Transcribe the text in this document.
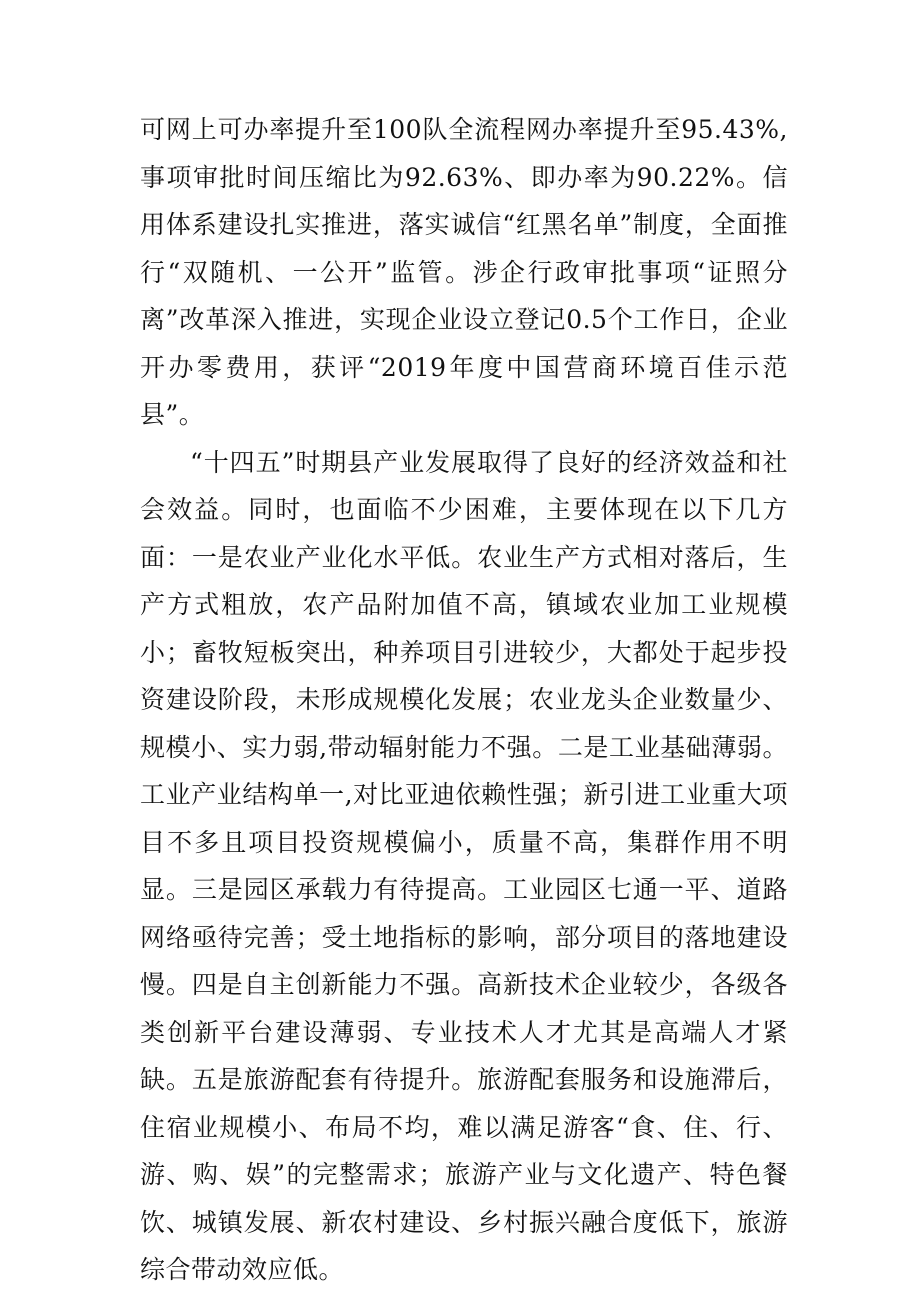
可网上可办率提升至100队全流程网办率提升至95.43%,事项审批时间压缩比为92.63%、即办率为90.22%。信用体系建设扎实推进，落实诚信“红黑名单”制度，全面推行“双随机、一公开”监管。涉企行政审批事项“证照分离”改革深入推进，实现企业设立登记0.5个工作日，企业开办零费用，获评“2019年度中国营商环境百佳示范县”。

“十四五”时期县产业发展取得了良好的经济效益和社会效益。同时，也面临不少困难，主要体现在以下几方面：一是农业产业化水平低。农业生产方式相对落后，生产方式粗放，农产品附加值不高，镇域农业加工业规模小；畜牧短板突出，种养项目引进较少，大都处于起步投资建设阶段，未形成规模化发展；农业龙头企业数量少、规模小、实力弱,带动辐射能力不强。二是工业基础薄弱。工业产业结构单一,对比亚迪依赖性强；新引进工业重大项目不多且项目投资规模偏小，质量不高，集群作用不明显。三是园区承载力有待提高。工业园区七通一平、道路网络亟待完善；受土地指标的影响，部分项目的落地建设慢。四是自主创新能力不强。高新技术企业较少，各级各类创新平台建设薄弱、专业技术人才尤其是高端人才紧缺。五是旅游配套有待提升。旅游配套服务和设施滞后，住宿业规模小、布局不均，难以满足游客“食、住、行、游、购、娱”的完整需求；旅游产业与文化遗产、特色餐饮、城镇发展、新农村建设、乡村振兴融合度低下，旅游综合带动效应低。
